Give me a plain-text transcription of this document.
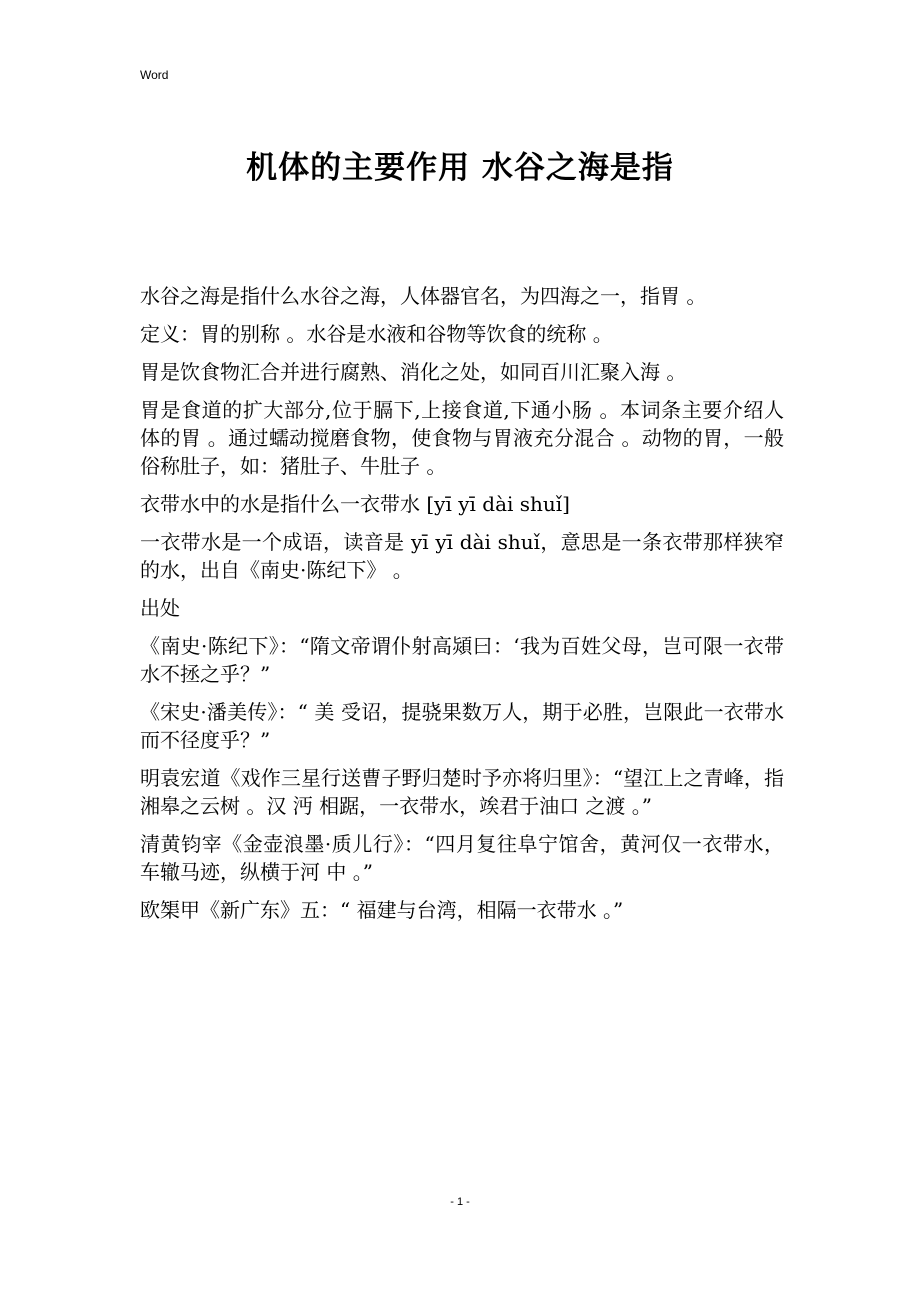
Word
机体的主要作用 水谷之海是指

水谷之海是指什么水谷之海，人体器官名，为四海之一，指胃 。

定义：胃的别称 。水谷是水液和谷物等饮食的统称 。

胃是饮食物汇合并进行腐熟、消化之处，如同百川汇聚入海 。

胃是食道的扩大部分,位于膈下,上接食道,下通小肠 。本词条主要介绍人体的胃 。通过蠕动搅磨食物，使食物与胃液充分混合 。动物的胃，一般俗称肚子，如：猪肚子、牛肚子 。

衣带水中的水是指什么一衣带水 [yī yī dài shuǐ]

一衣带水是一个成语，读音是 yī yī dài shuǐ，意思是一条衣带那样狭窄的水，出自《南史·陈纪下》 。

出处

《南史·陈纪下》：“隋文帝谓仆射高熲曰：‘我为百姓父母，岂可限一衣带水不拯之乎？”

《宋史·潘美传》：“ 美 受诏，提骁果数万人，期于必胜，岂限此一衣带水而不径度乎？”

明袁宏道《戏作三星行送曹子野归楚时予亦将归里》：“望江上之青峰，指湘皋之云树 。汉 沔 相踞，一衣带水，竢君于油口 之渡 。”

清黄钧宰《金壶浪墨·质儿行》：“四月复往阜宁馆舍，黄河仅一衣带水，车辙马迹，纵横于河 中 。”

欧榘甲《新广东》五：“ 福建与台湾，相隔一衣带水 。”

- 1 -
